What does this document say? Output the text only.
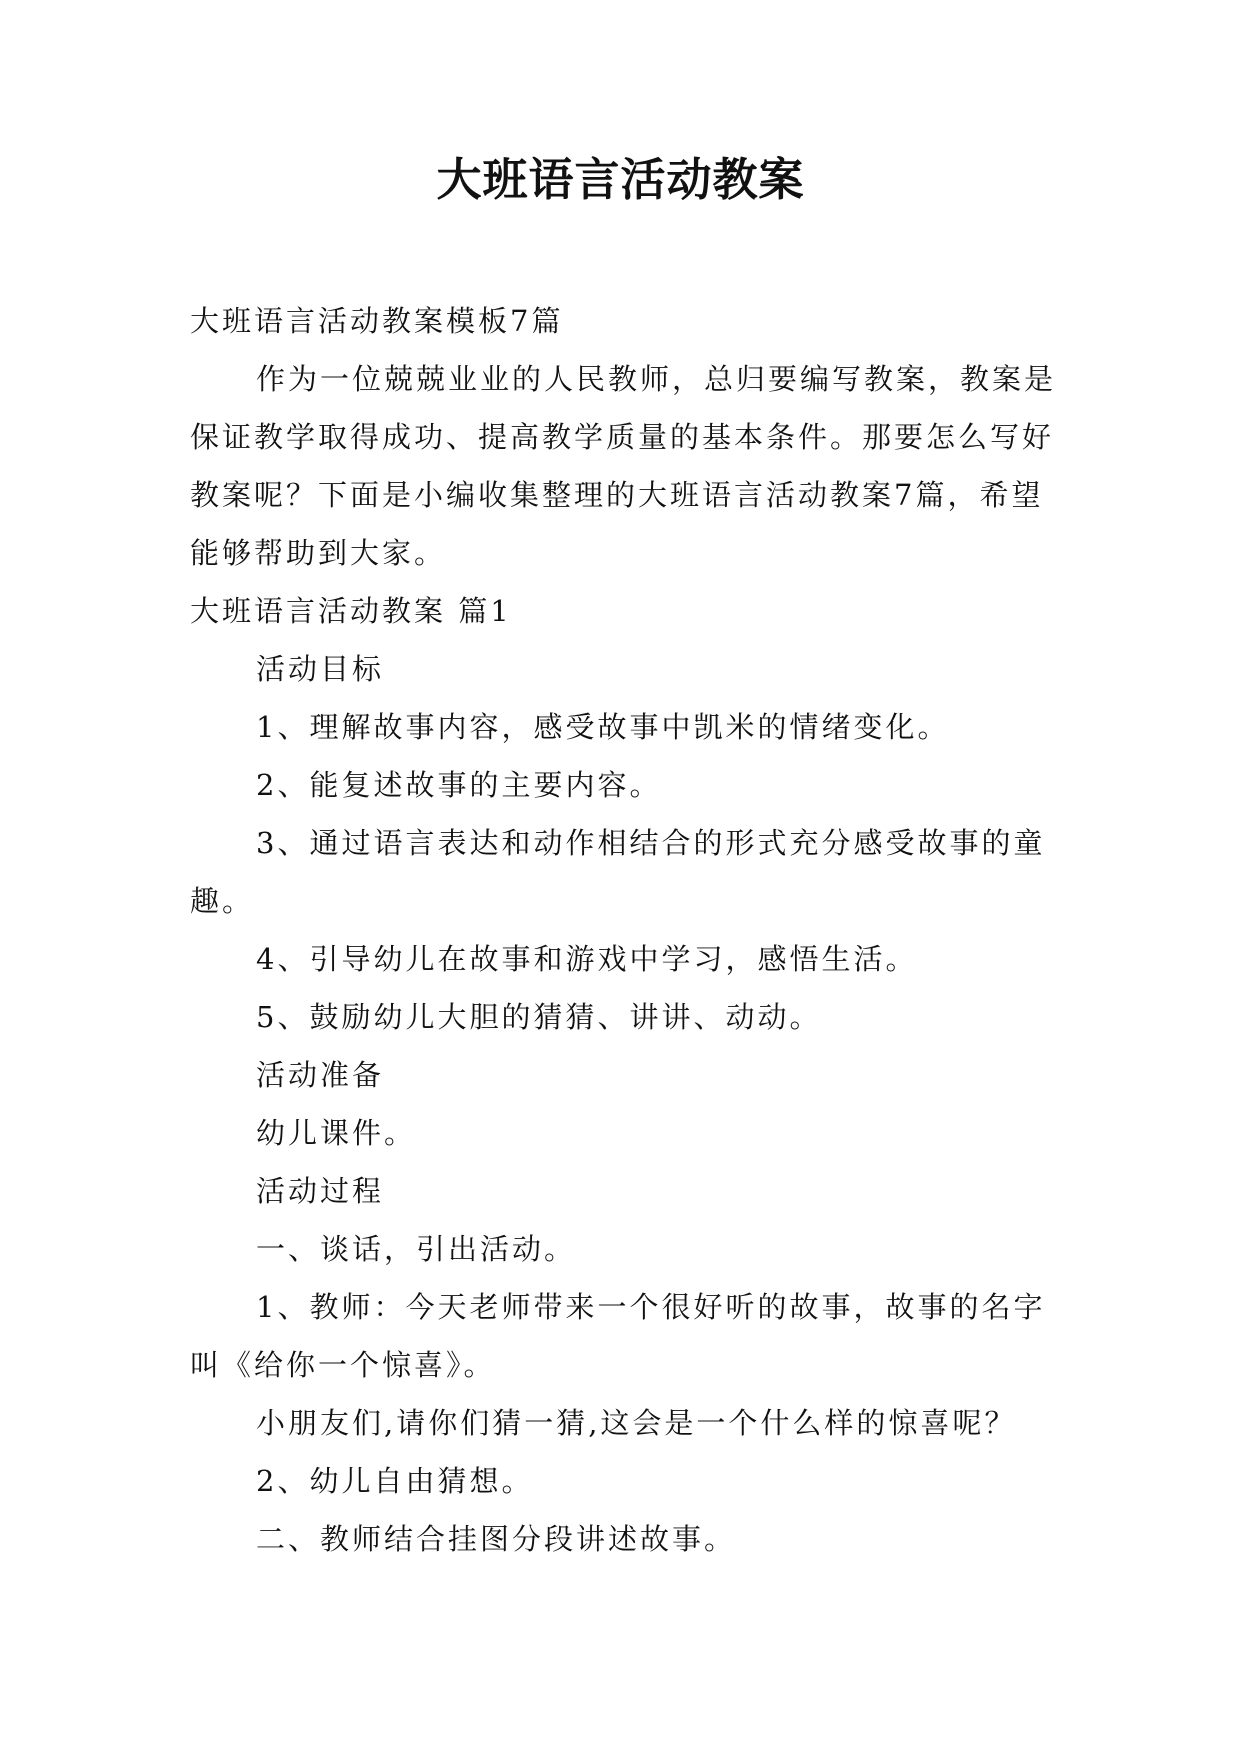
大班语言活动教案

大班语言活动教案模板7篇

作为一位兢兢业业的人民教师，总归要编写教案，教案是保证教学取得成功、提高教学质量的基本条件。那要怎么写好教案呢？下面是小编收集整理的大班语言活动教案7篇，希望能够帮助到大家。

大班语言活动教案 篇1

活动目标

1、理解故事内容，感受故事中凯米的情绪变化。

2、能复述故事的主要内容。

3、通过语言表达和动作相结合的形式充分感受故事的童趣。

4、引导幼儿在故事和游戏中学习，感悟生活。

5、鼓励幼儿大胆的猜猜、讲讲、动动。

活动准备

幼儿课件。

活动过程

一、谈话，引出活动。

1、教师：今天老师带来一个很好听的故事，故事的名字叫《给你一个惊喜》。

小朋友们,请你们猜一猜,这会是一个什么样的惊喜呢？

2、幼儿自由猜想。

二、教师结合挂图分段讲述故事。
